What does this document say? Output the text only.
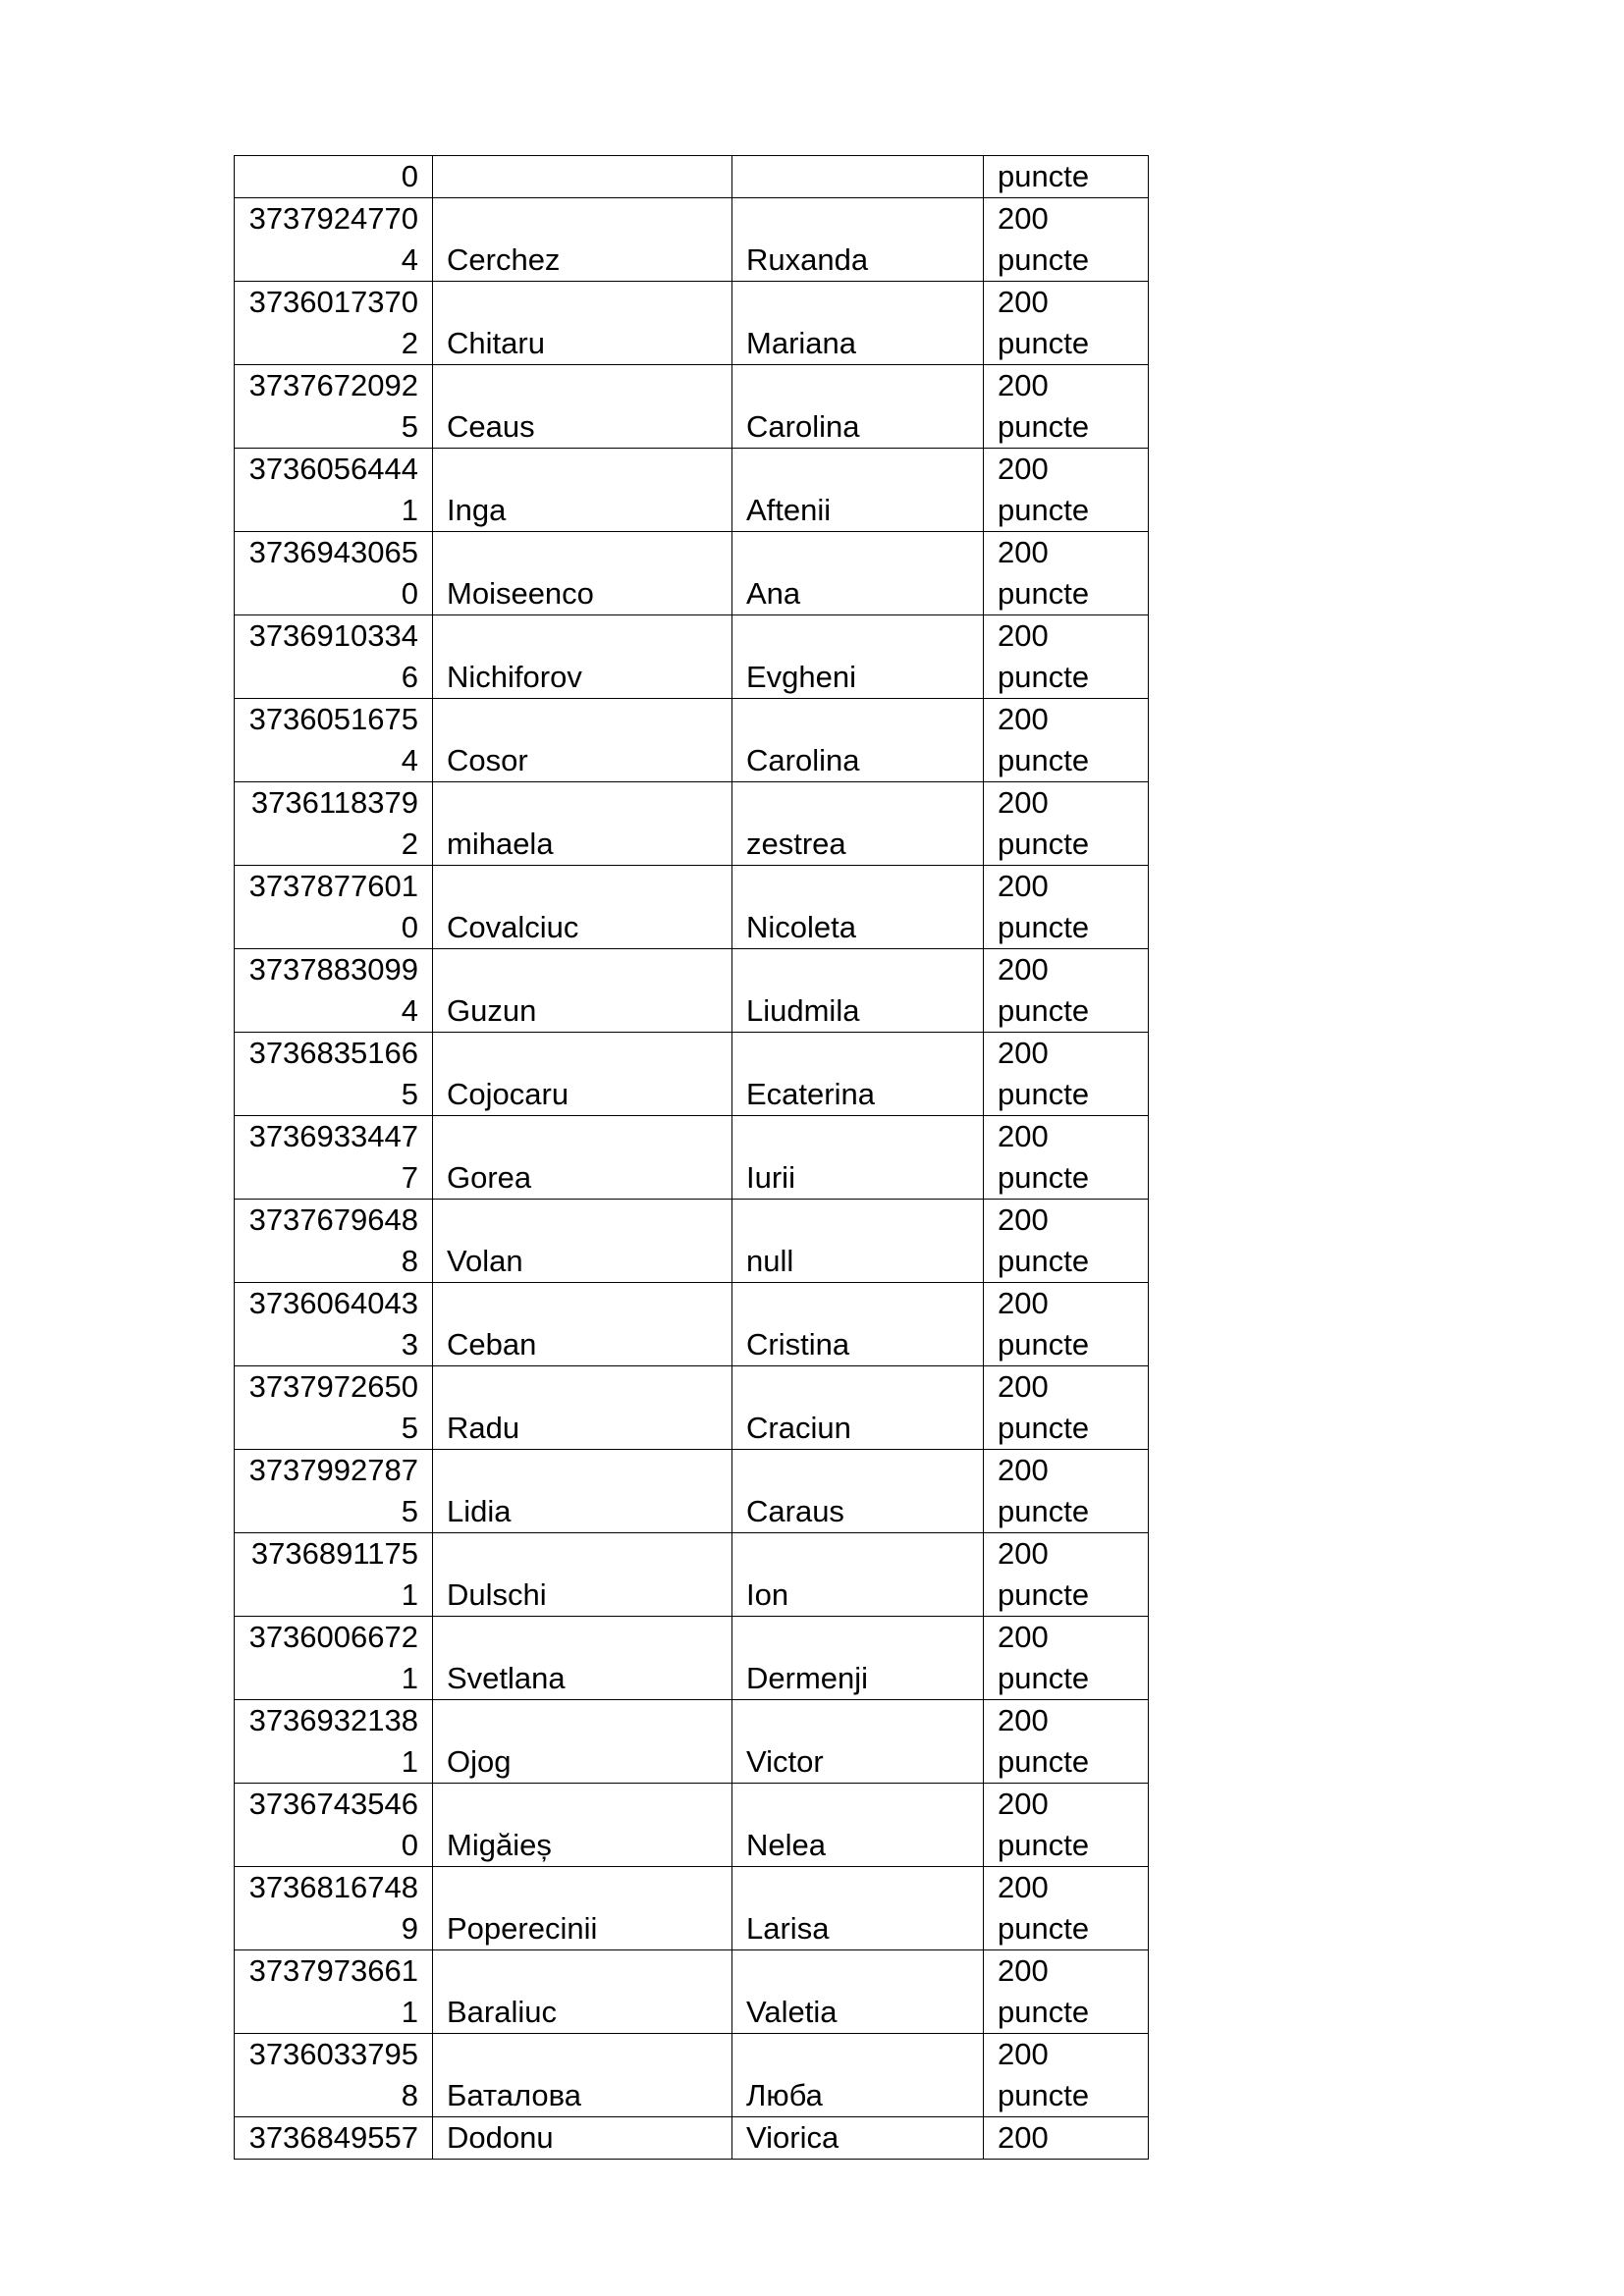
0			puncte

3737924770
4	Cerchez	Ruxanda	200
puncte

3736017370
2	Chitaru	Mariana	200
puncte

3737672092
5	Ceaus	Carolina	200
puncte

3736056444
1	Inga	Aftenii	200
puncte

3736943065
0	Moiseenco	Ana	200
puncte

3736910334
6	Nichiforov	Evgheni	200
puncte

3736051675
4	Cosor	Carolina	200
puncte

3736118379
2	mihaela	zestrea	200
puncte

3737877601
0	Covalciuc	Nicoleta	200
puncte

3737883099
4	Guzun	Liudmila	200
puncte

3736835166
5	Cojocaru	Ecaterina	200
puncte

3736933447
7	Gorea	Iurii	200
puncte

3737679648
8	Volan	null	200
puncte

3736064043
3	Ceban	Cristina	200
puncte

3737972650
5	Radu	Craciun	200
puncte

3737992787
5	Lidia	Caraus	200
puncte

3736891175
1	Dulschi	Ion	200
puncte

3736006672
1	Svetlana	Dermenji	200
puncte

3736932138
1	Ojog	Victor	200
puncte

3736743546
0	Migăieș	Nelea	200
puncte

3736816748
9	Poperecinii	Larisa	200
puncte

3737973661
1	Baraliuc	Valetia	200
puncte

3736033795
8	Баталова	Люба	200
puncte

3736849557	Dodonu	Viorica	200
